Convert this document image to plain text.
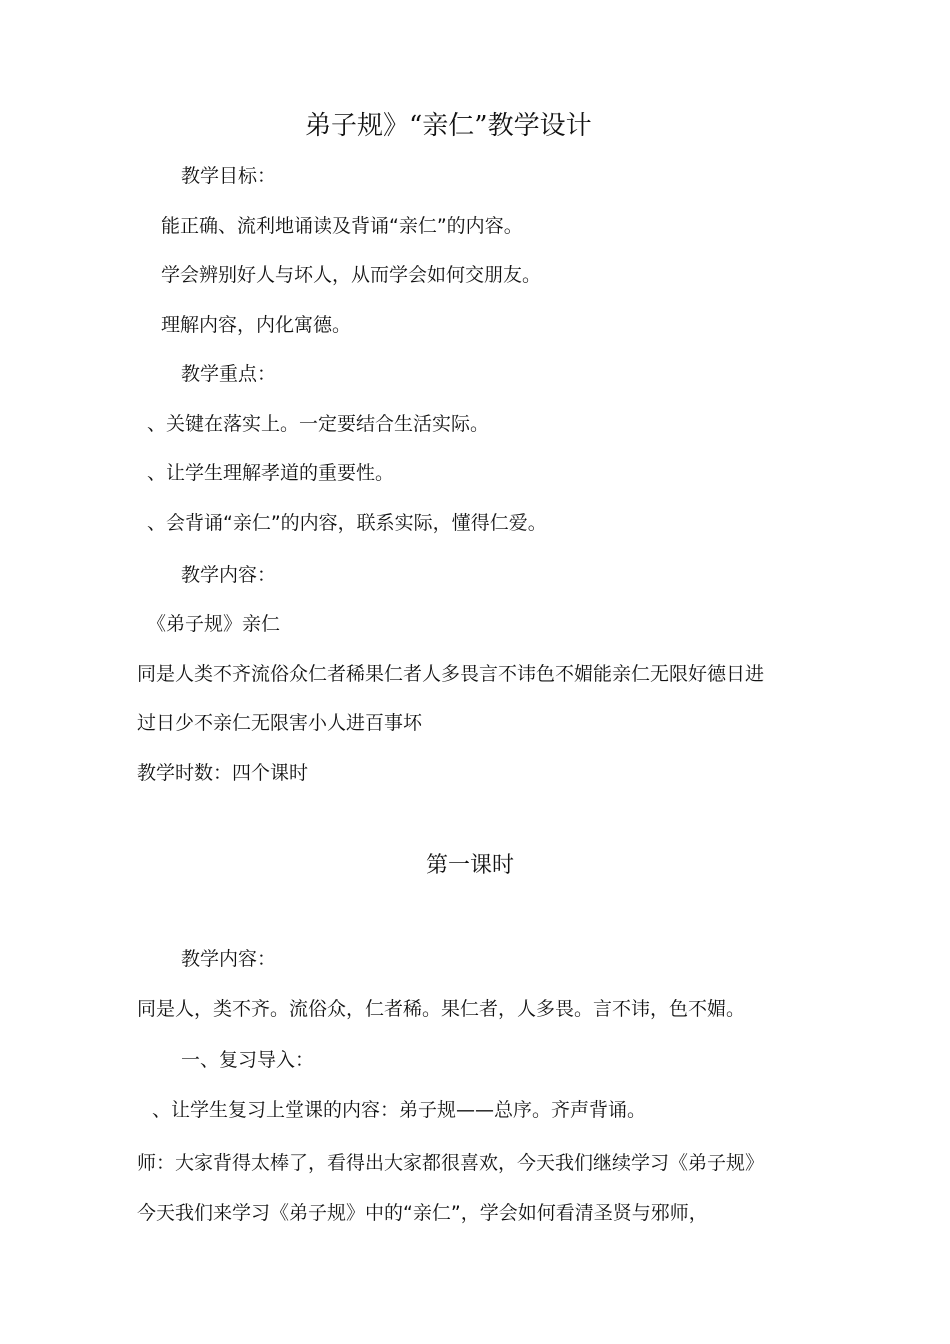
弟子规》“亲仁”教学设计
教学目标：
能正确、流利地诵读及背诵“亲仁”的内容。
学会辨别好人与坏人，从而学会如何交朋友。
理解内容，内化寓德。
教学重点：
、关键在落实上。一定要结合生活实际。
、让学生理解孝道的重要性。
、会背诵“亲仁”的内容，联系实际，懂得仁爱。
教学内容：
《弟子规》亲仁
同是人类不齐流俗众仁者稀果仁者人多畏言不讳色不媚能亲仁无限好德日进
过日少不亲仁无限害小人进百事坏
教学时数：四个课时
第一课时
教学内容：
同是人，类不齐。流俗众，仁者稀。果仁者，人多畏。言不讳，色不媚。
一、复习导入：
、让学生复习上堂课的内容：弟子规——总序。齐声背诵。
师：大家背得太棒了，看得出大家都很喜欢，今天我们继续学习《弟子规》
今天我们来学习《弟子规》中的“亲仁”，学会如何看清圣贤与邪师，
